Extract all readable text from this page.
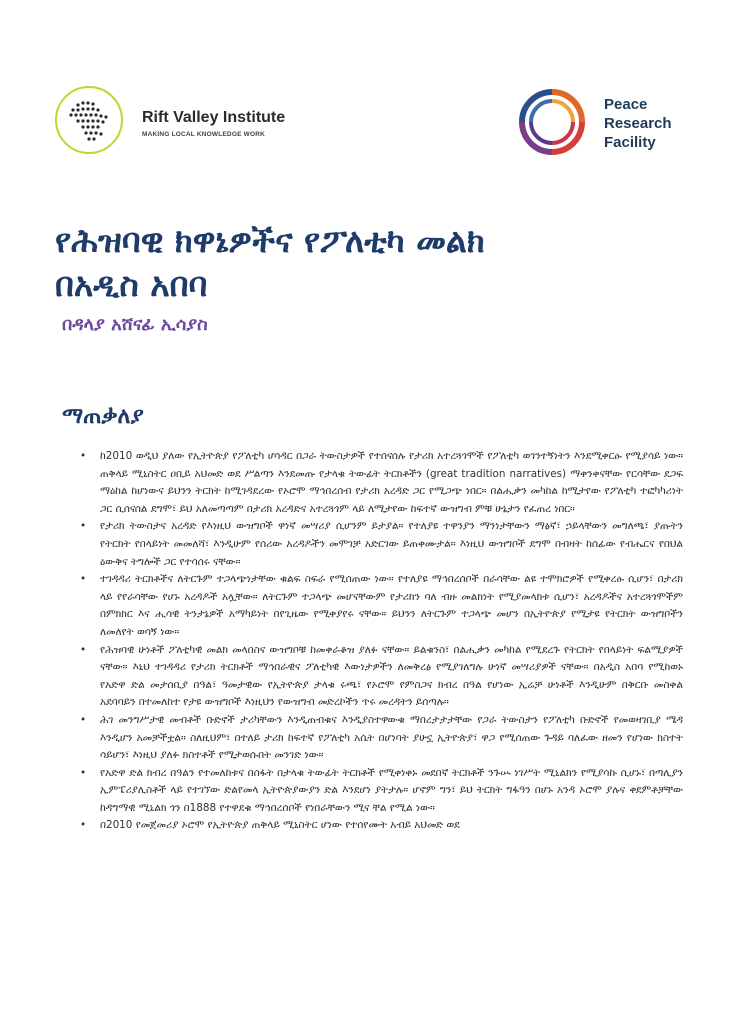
Rift Valley Institute
MAKING LOCAL KNOWLEDGE WORK
Peace
Research
Facility
የሕዝባዊ ክዋኔዎችና የፖለቲካ መልክ
በአዲስ አበባ
በዳላያ አሸናፊ ኢሳያስ
ማጠቃለያ
• ከ2010 ወዲህ ያለው የኢትዮጵያ የፖለቲካ ሆሳዳር በጋራ ትውስታዎች የተሰናሰሉ የታሪክ አተረጓጎሞች የፖለቲካ ወገንተኝነትን እንደሚቀርፁ የሚያሳይ ነው። ጠቅላይ ሚኒስትር ዐቢይ አህመድ ወደ ሥልጣን እንደመጡ የታላቁ ትውፊት ትርክቶችን (great tradition narratives) ማቀንቀናቸው የርሳቸው ደጋፍ ማዕከል ከሆነውና ይህንን ትርክት ከሚገዳደረው የኦሮሞ ማኅበረሰብ የታሪክ አረዳድ ጋር የሚጋጭ ነበር። በልሒቃን መካከል ከሚታየው የፖለቲካ ተፎካካሪነት ጋር ሲሰናሰል ደግሞ፣ ይህ አለመጣጣም በታሪክ አረዳድና አተረጓጎም ላይ ለሚታየው ከፍተኛ ውዝግብ ምቹ ሁኔታን የፈጠረ ነበር።
• የታሪክ ትውስታና አረዳድ የእነዚህ ውዝግቦች ዋነኛ መሣሪያ ሲሆንም ይታያል። የተለያዩ ተዋንያን ማንነታቸውን ማፅኛ፣ ኃይላቸውን መግለጫ፣ ያጡትን የትርክት የበላይነት መመለሻ፣ እንዲሁም የሰሪው አረዳዶችን መሞገቻ አድርገው ይጠቀሙታል። እነዚህ ውዝግቦች ደግሞ በብዛት ከሰፊው የብሔርና የበህል ዕውቅና ትግሎች ጋር የተሳሰሩ ናቸው።
• ተገዳዳሪ ትርክቶችና ለትርጉም ተጋላጭነታቸው ቁልፍ ስፍራ የሚሰጠው ነው። የተለያዩ ማኅበረሰቦች በራሳቸው ልዩ ተሞክሮዎች የሚቀረፁ ሲሆን፣ በታሪክ ላይ የየራሳቸው የሆኑ አረዳዶች አሏቸው። ለትርጉም ተጋላጭ መሆናቸውም የታሪክን ባለ ብዙ መልክነት የሚያመላክቱ ሲሆን፣ አረዳዶችና አተረጓጎሞችም በምክክር እና ሒሳዊ ትንታኔዎች አማካይነት በየጊዜው የሚቀያየሩ ናቸው። ይህንን ለትርጉም ተጋላጭ መሆን በኢትዮጵያ የሚታዩ የትርክት ውዝግቦችን ለመለየት ወሳኝ ነው።
• የሕዝባዊ ሁነቶች ፖለቲካዊ መልክ መላበስና ውዝግቦቹ ከመቀራቆዝ ያለፉ ናቸው። ይልቁንስ፣ በልሒቃን መካከል የሚደረጉ የትርክት የበላይነት ፍልሚያዎች ናቸው። እኒህ ተገዳዳሪ የታሪክ ትርክቶች ማኅበራዊና ፖለቲካዊ እውነታዎችን ለመቅረፅ የሚያገለግሉ ሁነኛ መሣሪያዎች ናቸው። በአዲስ አበባ የሚከወኑ የአድዋ ድል መታሰቢያ በዓል፣ ዓመታዊው የኢትዮጵያ ታላቁ ሩጫ፣ የኦሮሞ የምስጋና ክብረ በዓል የሆነው ኢሬቻ ሁነቶች እንዲሁም በቅርቡ መስቀል አደባባይን በተመለከተ የታዩ ውዝግቦች እነዚህን የውዝግብ መድረኮችን ጥሩ መረዳትን ይሰጣሉ።
• ሕገ መንግሥታዊ መብቶች ቡድኖች ታሪካቸውን እንዲጠብቁና እንዲያስተዋውቁ ማበረታታታቸው የጋራ ትውስታን የፖለቲካ ቡድኖች የመወዛገቢያ ሜዳ እንዲሆን አመቻችቷል። ስለዚህም፣ በተለይ ታሪክ ከፍተኛ የፖለቲካ አሴት በሆነባት ያሁኗ ኢትዮጵያ፣ ዋጋ የሚሰጠው ጉዳይ ባለፈው ዘመን የሆነው ክስተት ሳይሆን፣ እነዚህ ያለፉ ክስተቶች የሚታወሱበት መንገድ ነው።
• የአድዋ ድል ክብረ በዓልን የተመለከቱና በሰፋት በታላቁ ትውፊት ትርክቶች የሚቀነቀኑ መደበኛ ትርክቶች ንጉሡ ነገሥት ሚኒልክን የሚያሳኩ ሲሆኑ፣ በጣሊያን ኢምፔሪያሊስቶች ላይ የተገኘው ድልየመላ ኢትዮጵያውያን ድል እንደሆነ ያትታሉ። ሆኖም ግን፣ ይህ ትርክት ግፋዓን በሆኑ አንዳ ኦሮሞ ያሉና ቀደምቶቻቸው ከዳግማዊ ሚኒልክ ጎን በ1888 የተዋደቁ ማኅበረሰቦች የነበራቸውን ሚና ቸል የሚል ነው።
• በ2010 የመጀመሪያ ኦሮሞ የኢትዮጵያ ጠቅላይ ሚኒስትር ሆነው የተሰየሙት አብይ አህመድ ወደ
